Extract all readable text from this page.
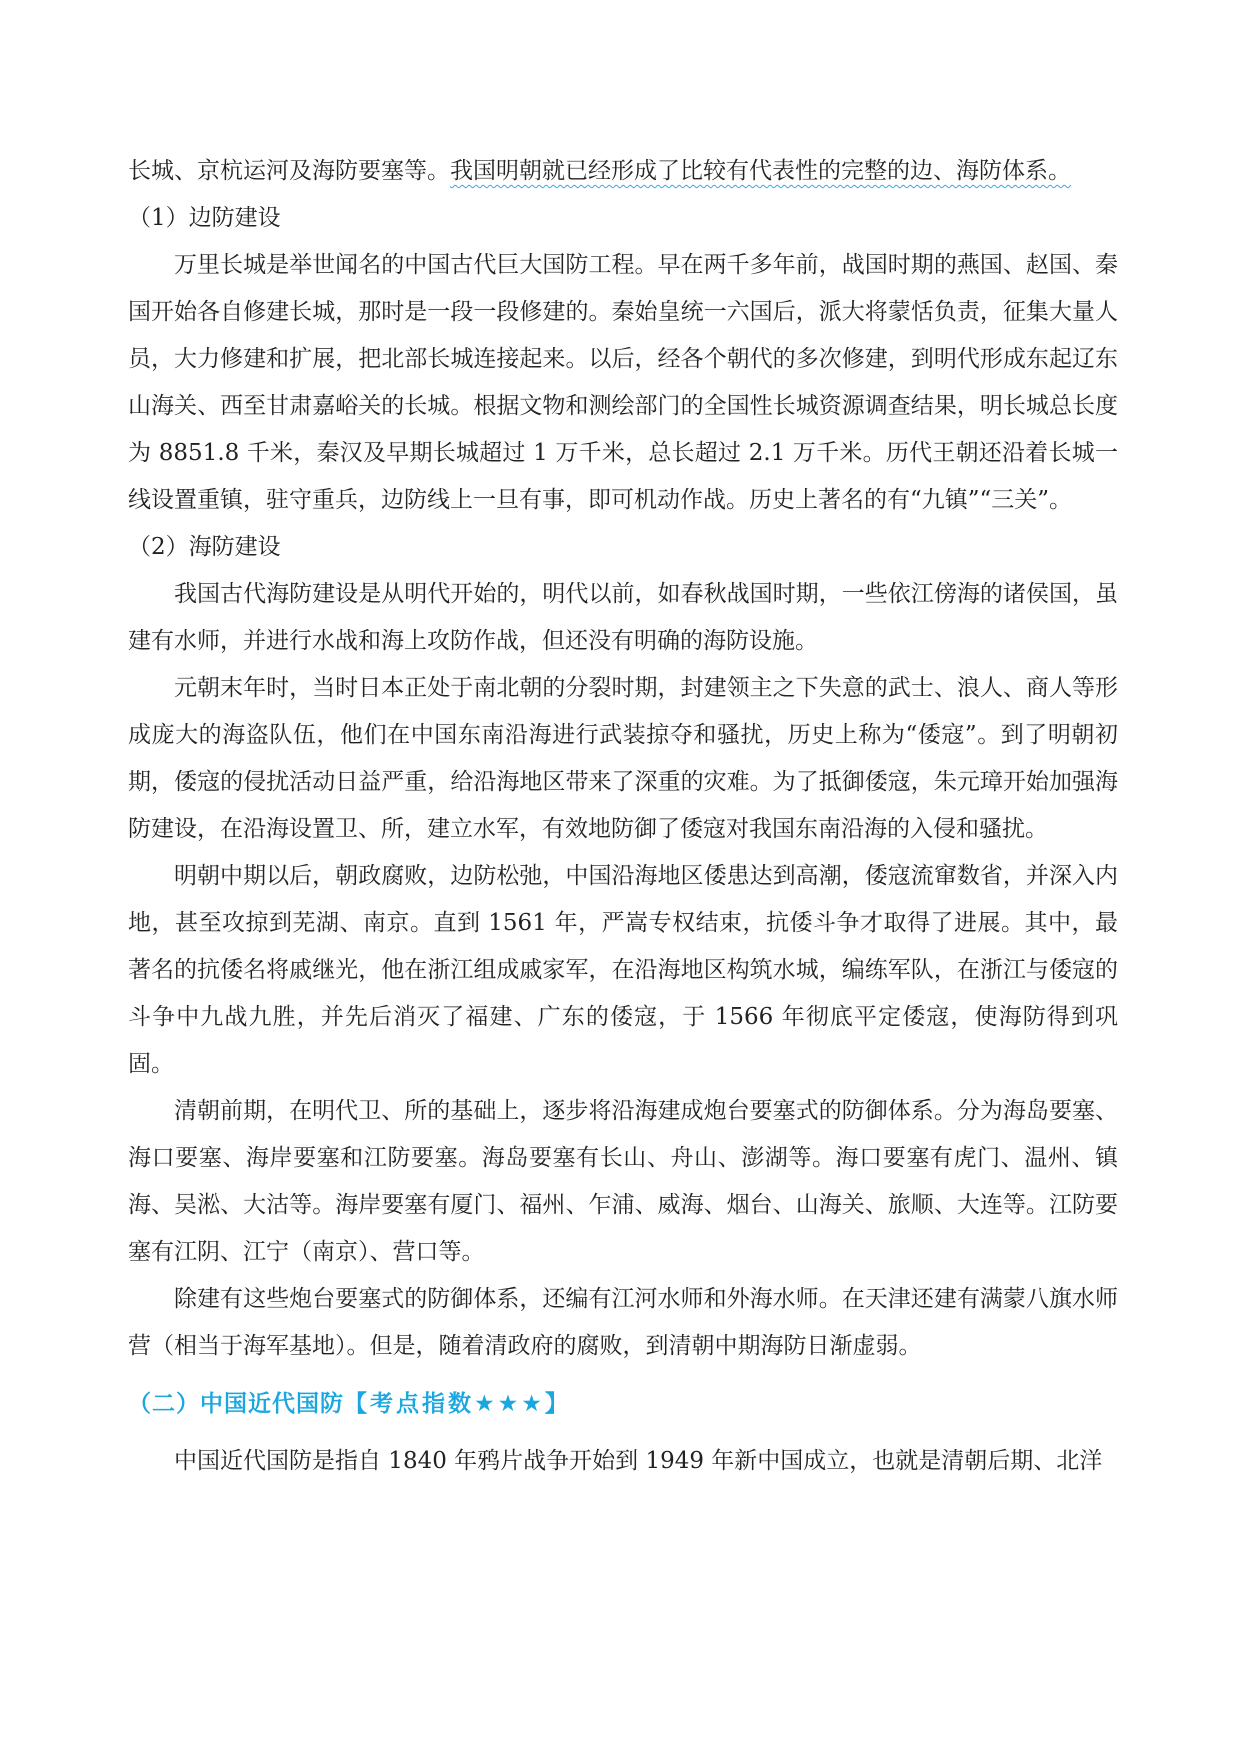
长城、京杭运河及海防要塞等。我国明朝就已经形成了比较有代表性的完整的边、海防体系。

（1）边防建设

万里长城是举世闻名的中国古代巨大国防工程。早在两千多年前，战国时期的燕国、赵国、秦国开始各自修建长城，那时是一段一段修建的。秦始皇统一六国后，派大将蒙恬负责，征集大量人员，大力修建和扩展，把北部长城连接起来。以后，经各个朝代的多次修建，到明代形成东起辽东山海关、西至甘肃嘉峪关的长城。根据文物和测绘部门的全国性长城资源调查结果，明长城总长度为 8851.8 千米，秦汉及早期长城超过 1 万千米，总长超过 2.1 万千米。历代王朝还沿着长城一线设置重镇，驻守重兵，边防线上一旦有事，即可机动作战。历史上著名的有“九镇”“三关”。

（2）海防建设

我国古代海防建设是从明代开始的，明代以前，如春秋战国时期，一些依江傍海的诸侯国，虽建有水师，并进行水战和海上攻防作战，但还没有明确的海防设施。

元朝末年时，当时日本正处于南北朝的分裂时期，封建领主之下失意的武士、浪人、商人等形成庞大的海盗队伍，他们在中国东南沿海进行武装掠夺和骚扰，历史上称为“倭寇”。到了明朝初期，倭寇的侵扰活动日益严重，给沿海地区带来了深重的灾难。为了抵御倭寇，朱元璋开始加强海防建设，在沿海设置卫、所，建立水军，有效地防御了倭寇对我国东南沿海的入侵和骚扰。

明朝中期以后，朝政腐败，边防松弛，中国沿海地区倭患达到高潮，倭寇流窜数省，并深入内地，甚至攻掠到芜湖、南京。直到 1561 年，严嵩专权结束，抗倭斗争才取得了进展。其中，最著名的抗倭名将戚继光，他在浙江组成戚家军，在沿海地区构筑水城，编练军队，在浙江与倭寇的斗争中九战九胜，并先后消灭了福建、广东的倭寇，于 1566 年彻底平定倭寇，使海防得到巩固。

清朝前期，在明代卫、所的基础上，逐步将沿海建成炮台要塞式的防御体系。分为海岛要塞、海口要塞、海岸要塞和江防要塞。海岛要塞有长山、舟山、澎湖等。海口要塞有虎门、温州、镇海、吴淞、大沽等。海岸要塞有厦门、福州、乍浦、威海、烟台、山海关、旅顺、大连等。江防要塞有江阴、江宁（南京）、营口等。

除建有这些炮台要塞式的防御体系，还编有江河水师和外海水师。在天津还建有满蒙八旗水师营（相当于海军基地）。但是，随着清政府的腐败，到清朝中期海防日渐虚弱。

（二）中国近代国防【考点指数★★★】

中国近代国防是指自 1840 年鸦片战争开始到 1949 年新中国成立，也就是清朝后期、北洋
